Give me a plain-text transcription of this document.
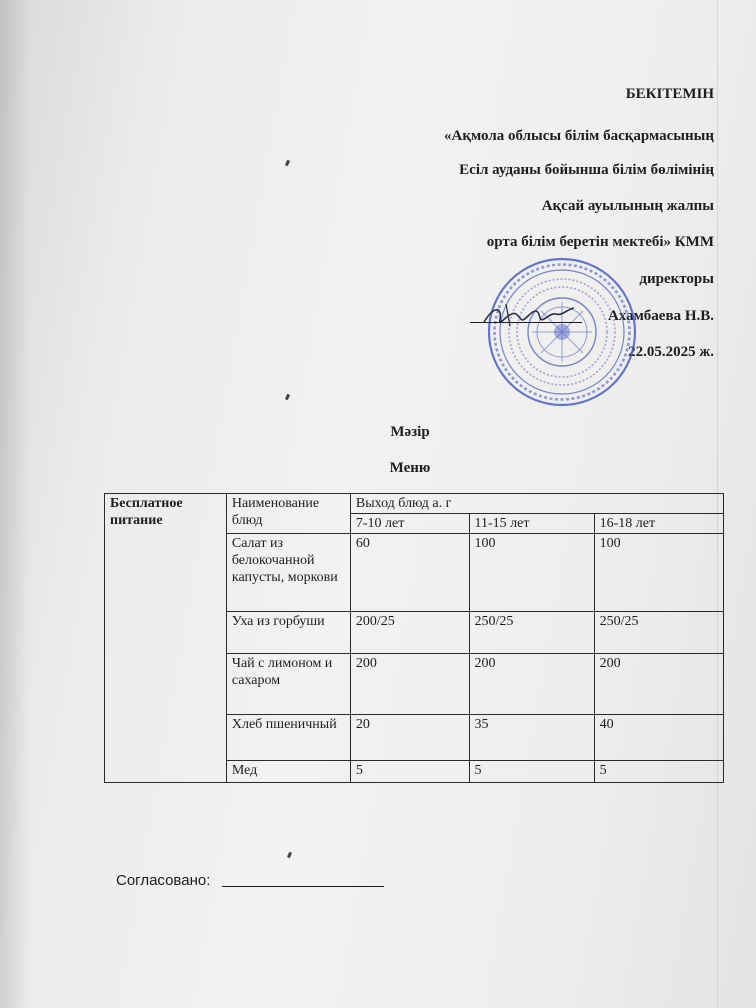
БЕКІТЕМІН
«Ақмола облысы білім басқармасының
Есіл ауданы бойынша білім бөлімінің
Ақсай ауылының жалпы
орта білім беретін мектебі» КММ
директоры
Ахамбаева Н.В.
22.05.2025 ж.
Мәзір
Меню
Бесплатное питание	Наименование блюд	Выход блюд а. г		
		7-10 лет	11-15 лет	16-18 лет
	Салат из белокочанной капусты, моркови	60	100	100
	Уха из горбуши	200/25	250/25	250/25
	Чай с лимоном и сахаром	200	200	200
	Хлеб пшеничный	20	35	40
	Мед	5	5	5
Согласовано:
